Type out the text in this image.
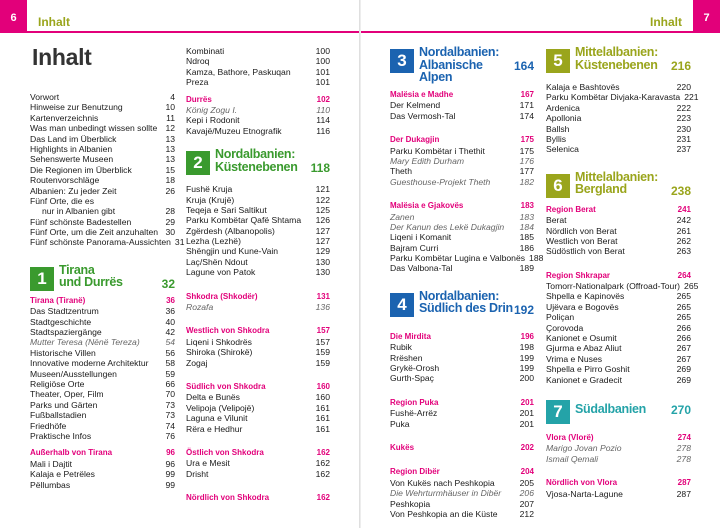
6	Inhalt	7
Inhalt
Inhalt
Vorwort	4
Hinweise zur Benutzung	10
Kartenverzeichnis	11
Was man unbedingt wissen sollte 12
Das Land im Überblick	13
Highlights in Albanien	13
Sehenswerte Museen	13
Die Regionen im Überblick	15
Routenvorschläge	18
Albanien: Zu jeder Zeit	26
Fünf Orte, die es
nur in Albanien gibt	28
Fünf schönste Badestellen	29
Fünf Orte, um die Zeit anzuhalten 30
Fünf schönste Panorama-Aussichten 31
1 Tirana
und Durrës	32
Tirana (Tiranë)	36
Das Stadtzentrum	36
Stadtgeschichte	40
Stadtspaziergänge	42
Mutter Teresa (Nënë Tereza)	54
Historische Villen	56
Innovative moderne Architektur	58
Museen/Ausstellungen	59
Religiöse Orte	66
Theater, Oper, Film	70
Parks und Gärten	73
Fußballstadien	73
Friedhöfe	74
Praktische Infos	76
Außerhalb von Tirana	96
Mali i Dajtit	96
Kalaja e Petrëles	99
Pëllumbas	99
Kombinati	100
Ndroq	100
Kamza, Bathore, Paskuqan	101
Preza	101
Durrës	102
König Zogu I.	110
Kepi i Rodonit	114
Kavajë/Muzeu Etnografik	116
2 Nordalbanien:
Küstenebenen	118
Fushë Kruja	121
Kruja (Krujë)	122
Teqeja e Sari Saltikut	125
Parku Kombëtar Qafë Shtama	126
Zgërdesh (Albanopolis)	127
Lezha (Lezhë)	127
Shëngjin und Kune-Vain	129
Laç/Shën Ndout	130
Lagune von Patok	130
Shkodra (Shkodër)	131
Rozafa	136
Westlich von Shkodra	157
Liqeni i Shkodrës	157
Shiroka (Shirokë)	159
Zogaj	159
Südlich von Shkodra	160
Delta e Bunës	160
Velipoja (Velipojë)	161
Laguna e Vilunit	161
Rëra e Hedhur	161
Östlich von Shkodra	162
Ura e Mesit	162
Drisht	162
Nördlich von Shkodra	162
3 Nordalbanien:
Albanische Alpen
164
Malësia e Madhe	167
Der Kelmend	171
Das Vermosh-Tal	174
Der Dukagjin	175
Parku Kombëtar i Thethit	175
Mary Edith Durham	176
Theth	177
Guesthouse-Projekt Theth	182
Malësia e Gjakovës	183
Zanen	183
Der Kanun des Lekë Dukagjin	184
Liqeni i Komanit	185
Bajram Curri	186
Parku Kombëtar Lugina e Valbonës 188
Das Valbona-Tal	189
4 Nordalbanien:
Südlich des Drin 192
Die Mirdita	196
Rubik	198
Rrëshen	199
Grykë-Orosh	199
Gurth-Spaç	200
Region Puka	201
Fushë-Arrëz	201
Puka	201
Kukës	202
Region Dibër	204
Von Kukës nach Peshkopia	205
Die Wehrturmhäuser in Dibër	206
Peshkopia	207
Von Peshkopia an die Küste	212
5 Mittelalbanien:
Küstenebenen	216
Kalaja e Bashtovës	220
Parku Kombëtar Divjaka-Karavasta 221
Ardenica	222
Apollonia	223
Ballsh	230
Byllis	231
Selenica	237
6 Mittelalbanien:
Bergland	238
Region Berat	241
Berat	242
Nördlich von Berat	261
Westlich von Berat	262
Südöstlich von Berat	263
Region Shkrapar	264
Tomorr-Nationalpark (Offroad-Tour) 265
Shpella e Kapinovës	265
Ujëvara e Bogovës	265
Poliçan	265
Çorovoda	266
Kanionet e Osumit	266
Gjurma e Abaz Aliut	267
Vrima e Nuses	267
Shpella e Pirro Goshit	269
Kanionet e Gradecit	269
7 Südalbanien	270
Vlora (Vlorë)	274
Marigo Jovan Pozio	278
Ismail Qemali	278
Nördlich von Vlora	287
Vjosa-Narta-Lagune	287
